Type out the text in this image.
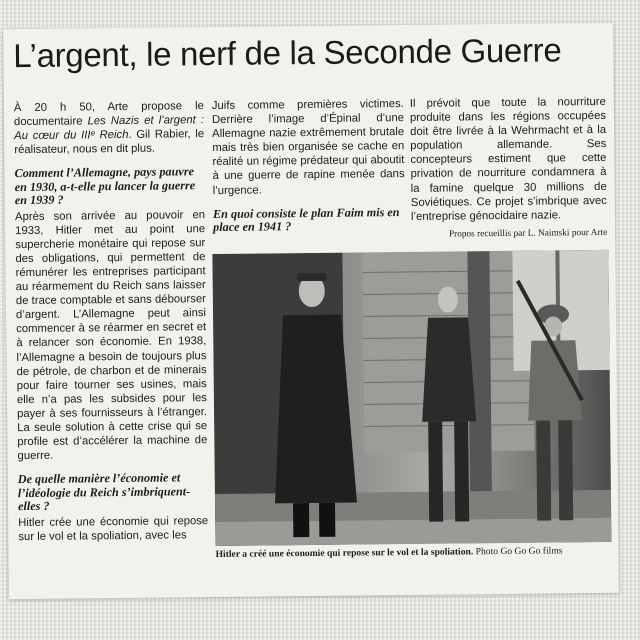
L’argent, le nerf de la Seconde Guerre

À 20 h 50, Arte propose le documentaire Les Nazis et l’argent : Au cœur du IIIᵉ Reich. Gil Rabier, le réalisateur, nous en dit plus.

Comment l’Allemagne, pays pauvre en 1930, a-t-elle pu lancer la guerre en 1939 ?

Après son arrivée au pouvoir en 1933, Hitler met au point une supercherie monétaire qui repose sur des obligations, qui permettent de rémunérer les entreprises participant au réarmement du Reich sans laisser de trace comptable et sans débourser d’argent. L’Allemagne peut ainsi commencer à se réarmer en secret et à relancer son économie. En 1938, l’Allemagne a besoin de toujours plus de pétrole, de charbon et de minerais pour faire tourner ses usines, mais elle n’a pas les subsides pour les payer à ses fournisseurs à l’étranger. La seule solution à cette crise qui se profile est d’accélérer la machine de guerre.

De quelle manière l’économie et l’idéologie du Reich s’imbriquent-elles ?

Hitler crée une économie qui repose sur le vol et la spoliation, avec les

Juifs comme premières victimes. Derrière l’image d’Épinal d’une Allemagne nazie extrêmement brutale mais très bien organisée se cache en réalité un régime prédateur qui aboutit à une guerre de rapine menée dans l’urgence.

En quoi consiste le plan Faim mis en place en 1941 ?

Il prévoit que toute la nourriture produite dans les régions occupées doit être livrée à la Wehrmacht et à la population allemande. Ses concepteurs estiment que cette privation de nourriture condamnera à la famine quelque 30 millions de Soviétiques. Ce projet s’imbrique avec l’entreprise génocidaire nazie.

Propos recueillis par L. Naimski pour Arte

Hitler a créé une économie qui repose sur le vol et la spoliation. Photo Go Go Go films
